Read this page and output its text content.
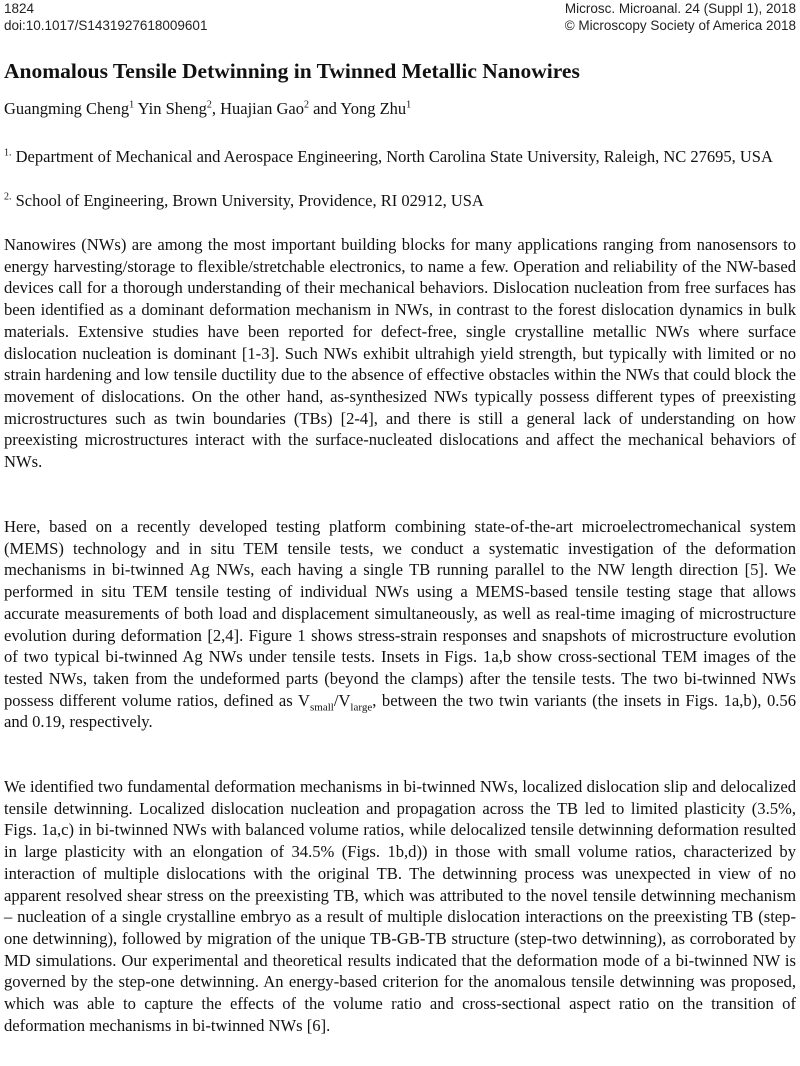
1824
doi:10.1017/S1431927618009601
Microsc. Microanal. 24 (Suppl 1), 2018
© Microscopy Society of America 2018
Anomalous Tensile Detwinning in Twinned Metallic Nanowires
Guangming Cheng$^1$ Yin Sheng$^2$, Huajian Gao$^2$ and Yong Zhu$^1$
$^{1.}$ Department of Mechanical and Aerospace Engineering, North Carolina State University, Raleigh, NC 27695, USA
$^{2.}$ School of Engineering, Brown University, Providence, RI 02912, USA

Nanowires (NWs) are among the most important building blocks for many applications ranging from nanosensors to energy harvesting/storage to flexible/stretchable electronics, to name a few. Operation and reliability of the NW-based devices call for a thorough understanding of their mechanical behaviors. Dislocation nucleation from free surfaces has been identified as a dominant deformation mechanism in NWs, in contrast to the forest dislocation dynamics in bulk materials. Extensive studies have been reported for defect-free, single crystalline metallic NWs where surface dislocation nucleation is dominant [1-3]. Such NWs exhibit ultrahigh yield strength, but typically with limited or no strain hardening and low tensile ductility due to the absence of effective obstacles within the NWs that could block the movement of dislocations. On the other hand, as-synthesized NWs typically possess different types of preexisting microstructures such as twin boundaries (TBs) [2-4], and there is still a general lack of understanding on how preexisting microstructures interact with the surface-nucleated dislocations and affect the mechanical behaviors of NWs.

Here, based on a recently developed testing platform combining state-of-the-art microelectromechanical system (MEMS) technology and in situ TEM tensile tests, we conduct a systematic investigation of the deformation mechanisms in bi-twinned Ag NWs, each having a single TB running parallel to the NW length direction [5]. We performed in situ TEM tensile testing of individual NWs using a MEMS-based tensile testing stage that allows accurate measurements of both load and displacement simultaneously, as well as real-time imaging of microstructure evolution during deformation [2,4]. Figure 1 shows stress-strain responses and snapshots of microstructure evolution of two typical bi-twinned Ag NWs under tensile tests. Insets in Figs. 1a,b show cross-sectional TEM images of the tested NWs, taken from the undeformed parts (beyond the clamps) after the tensile tests. The two bi-twinned NWs possess different volume ratios, defined as $V_{small}/V_{large}$, between the two twin variants (the insets in Figs. 1a,b), 0.56 and 0.19, respectively.

We identified two fundamental deformation mechanisms in bi-twinned NWs, localized dislocation slip and delocalized tensile detwinning. Localized dislocation nucleation and propagation across the TB led to limited plasticity (3.5%, Figs. 1a,c) in bi-twinned NWs with balanced volume ratios, while delocalized tensile detwinning deformation resulted in large plasticity with an elongation of 34.5% (Figs. 1b,d)) in those with small volume ratios, characterized by interaction of multiple dislocations with the original TB. The detwinning process was unexpected in view of no apparent resolved shear stress on the preexisting TB, which was attributed to the novel tensile detwinning mechanism – nucleation of a single crystalline embryo as a result of multiple dislocation interactions on the preexisting TB (step-one detwinning), followed by migration of the unique TB-GB-TB structure (step-two detwinning), as corroborated by MD simulations. Our experimental and theoretical results indicated that the deformation mode of a bi-twinned NW is governed by the step-one detwinning. An energy-based criterion for the anomalous tensile detwinning was proposed, which was able to capture the effects of the volume ratio and cross-sectional aspect ratio on the transition of deformation mechanisms in bi-twinned NWs [6].
